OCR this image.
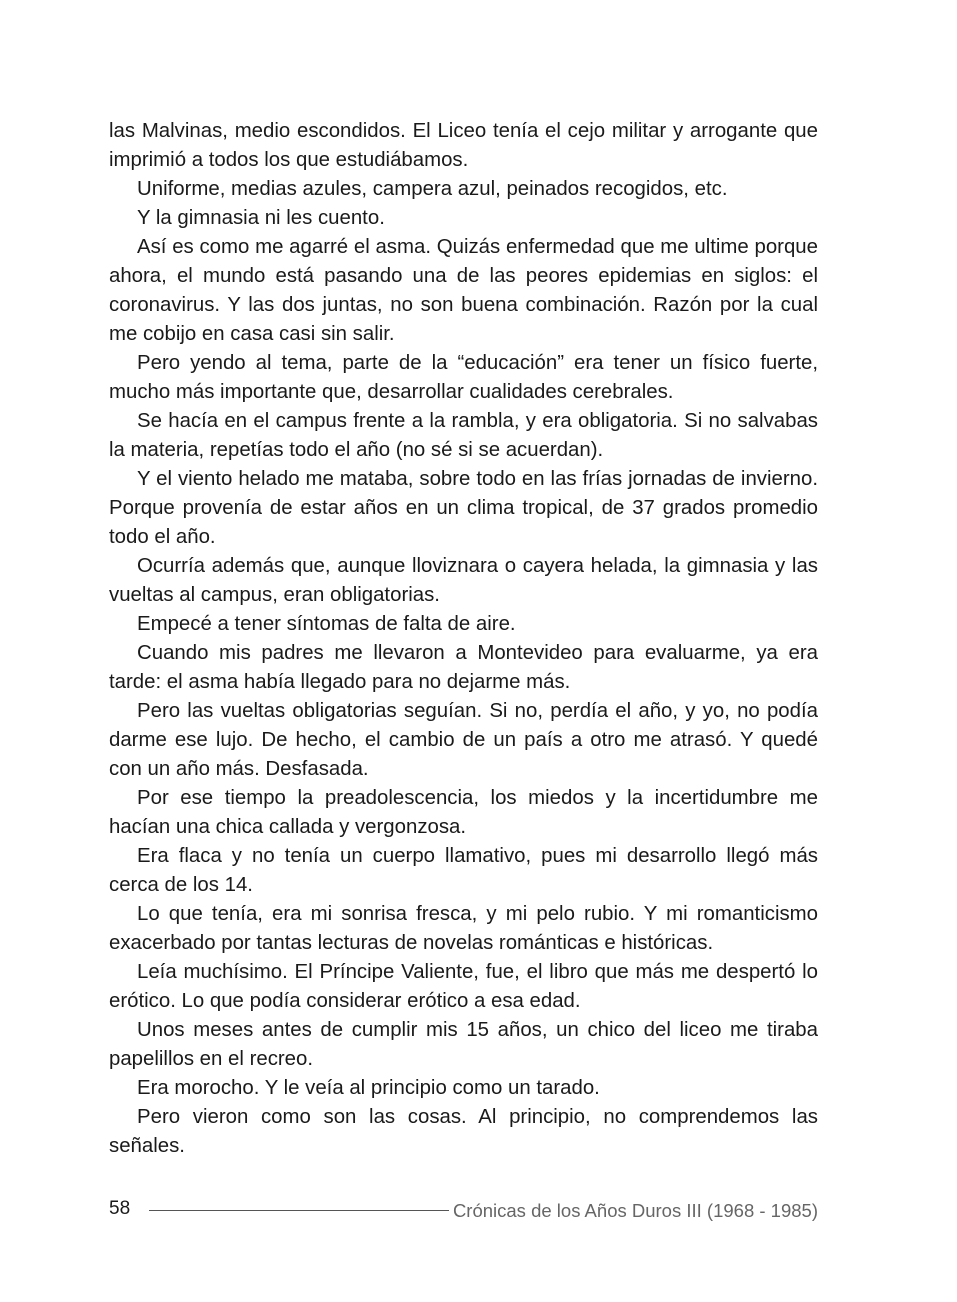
las Malvinas, medio escondidos. El Liceo tenía el cejo militar y arrogante que imprimió a todos los que estudiábamos.

Uniforme, medias azules, campera azul, peinados recogidos, etc.

Y la gimnasia ni les cuento.

Así es como me agarré el asma. Quizás enfermedad que me ultime porque ahora, el mundo está pasando una de las peores epidemias en siglos: el coronavirus. Y las dos juntas, no son buena combinación. Razón por la cual me cobijo en casa casi sin salir.

Pero yendo al tema, parte de la “educación” era tener un físico fuerte, mucho más importante que, desarrollar cualidades cerebrales.

Se hacía en el campus frente a la rambla, y era obligatoria. Si no salvabas la materia, repetías todo el año (no sé si se acuerdan).

Y el viento helado me mataba, sobre todo en las frías jornadas de invierno. Porque provenía de estar años en un clima tropical, de 37 grados promedio todo el año.

Ocurría además que, aunque lloviznara o cayera helada, la gimnasia y las vueltas al campus, eran obligatorias.

Empecé a tener síntomas de falta de aire.

Cuando mis padres me llevaron a Montevideo para evaluarme, ya era tarde: el asma había llegado para no dejarme más.

Pero las vueltas obligatorias seguían. Si no, perdía el año, y yo, no podía darme ese lujo. De hecho, el cambio de un país a otro me atrasó. Y quedé con un año más. Desfasada.

Por ese tiempo la preadolescencia, los miedos y la incertidumbre me hacían una chica callada y vergonzosa.

Era flaca y no tenía un cuerpo llamativo, pues mi desarrollo llegó más cerca de los 14.

Lo que tenía, era mi sonrisa fresca, y mi pelo rubio. Y mi romanticismo exacerbado por tantas lecturas de novelas románticas e históricas.

Leía muchísimo. El Príncipe Valiente, fue, el libro que más me despertó lo erótico. Lo que podía considerar erótico a esa edad.

Unos meses antes de cumplir mis 15 años, un chico del liceo me tiraba papelillos en el recreo.

Era morocho. Y le veía al principio como un tarado.

Pero vieron como son las cosas. Al principio, no comprendemos las señales.

58	Crónicas de los Años Duros III (1968 - 1985)
